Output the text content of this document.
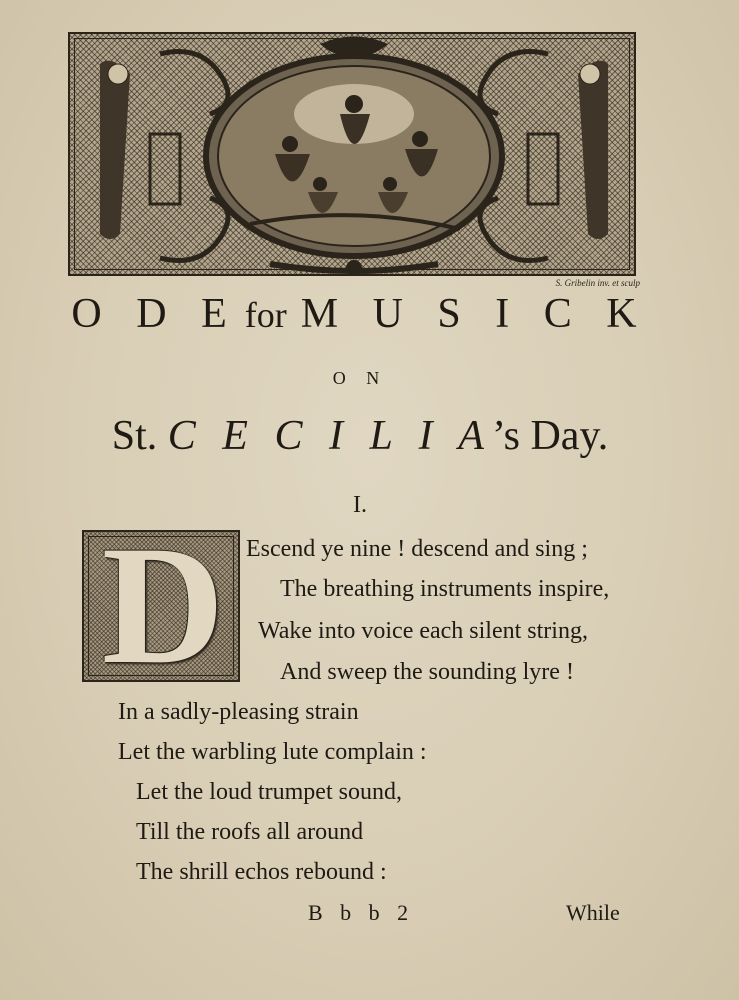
S. Gribelin inv. et sculp
O D E for M U S I C K
O N
St. C E C I L I A’s Day.
I.
D Escend ye nine ! descend and sing ;
The breathing instruments inspire,
Wake into voice each silent string,
And sweep the sounding lyre !
In a sadly-pleasing strain
Let the warbling lute complain :
Let the loud trumpet sound,
Till the roofs all around
The shrill echos rebound :
B b b 2	While
